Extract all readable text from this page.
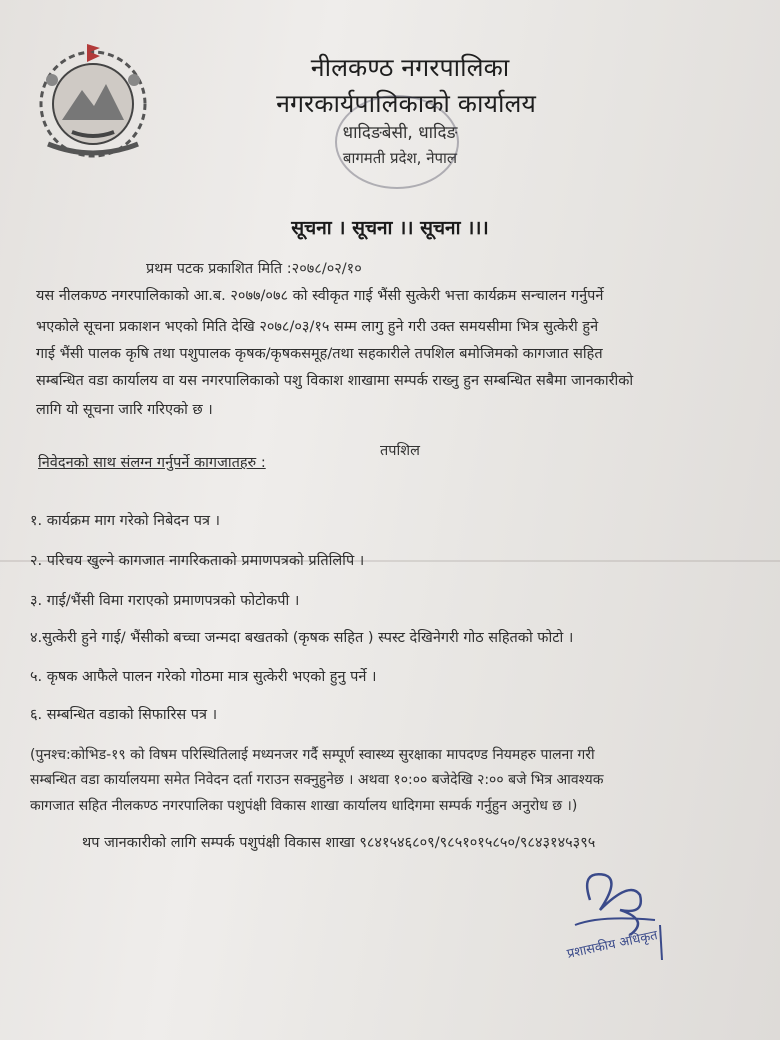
नीलकण्ठ नगरपालिका
नगरकार्यपालिकाको कार्यालय
धादिङबेसी, धादिङ
बागमती प्रदेश, नेपाल
सूचना । सूचना ।। सूचना ।।।
प्रथम पटक प्रकाशित मिति :२०७८/०२/१०
यस नीलकण्ठ नगरपालिकाको आ.ब. २०७७/०७८ को स्वीकृत गाई भैंसी सुत्केरी भत्ता कार्यक्रम सन्चालन गर्नुपर्ने
भएकोले सूचना प्रकाशन भएको मिति देखि २०७८/०३/१५ सम्म लागु हुने गरी उक्त समयसीमा भित्र सुत्केरी हुने
गाई भैंसी पालक कृषि तथा पशुपालक कृषक/कृषकसमूह/तथा सहकारीले तपशिल बमोजिमको कागजात सहित
सम्बन्धित वडा कार्यालय वा यस नगरपालिकाको पशु विकाश शाखामा सम्पर्क राख्नु हुन सम्बन्धित सबैमा जानकारीको
लागि यो सूचना जारि गरिएको छ ।
तपशिल
निवेदनको साथ संलग्न गर्नुपर्ने कागजातहरु :
१. कार्यक्रम माग गरेको निबेदन पत्र ।
२. परिचय खुल्ने कागजात नागरिकताको प्रमाणपत्रको प्रतिलिपि ।
३. गाई/भैंसी विमा गराएको प्रमाणपत्रको फोटोकपी ।
४.सुत्केरी हुने गाई/ भैंसीको बच्चा जन्मदा बखतको (कृषक सहित ) स्पस्ट देखिनेगरी गोठ सहितको फोटो ।
५. कृषक आफैले पालन गरेको गोठमा मात्र सुत्केरी भएको हुनु पर्ने ।
६. सम्बन्धित वडाको सिफारिस पत्र ।
(पुनश्च:कोभिड-१९ को विषम परिस्थितिलाई मध्यनजर गर्दै सम्पूर्ण स्वास्थ्य सुरक्षाका मापदण्ड नियमहरु पालना गरी
सम्बन्धित वडा कार्यालयमा समेत निवेदन दर्ता गराउन सक्नुहुनेछ । अथवा १०:०० बजेदेखि २:०० बजे भित्र आवश्यक
कागजात सहित नीलकण्ठ नगरपालिका पशुपंक्षी विकास शाखा कार्यालय धादिगमा सम्पर्क गर्नुहुन अनुरोध छ ।)
थप जानकारीको लागि सम्पर्क पशुपंक्षी विकास शाखा ९८४१५४६८०९/९८५१०१५८५०/९८४३१४५३९५
प्रशासकीय अधिकृत
